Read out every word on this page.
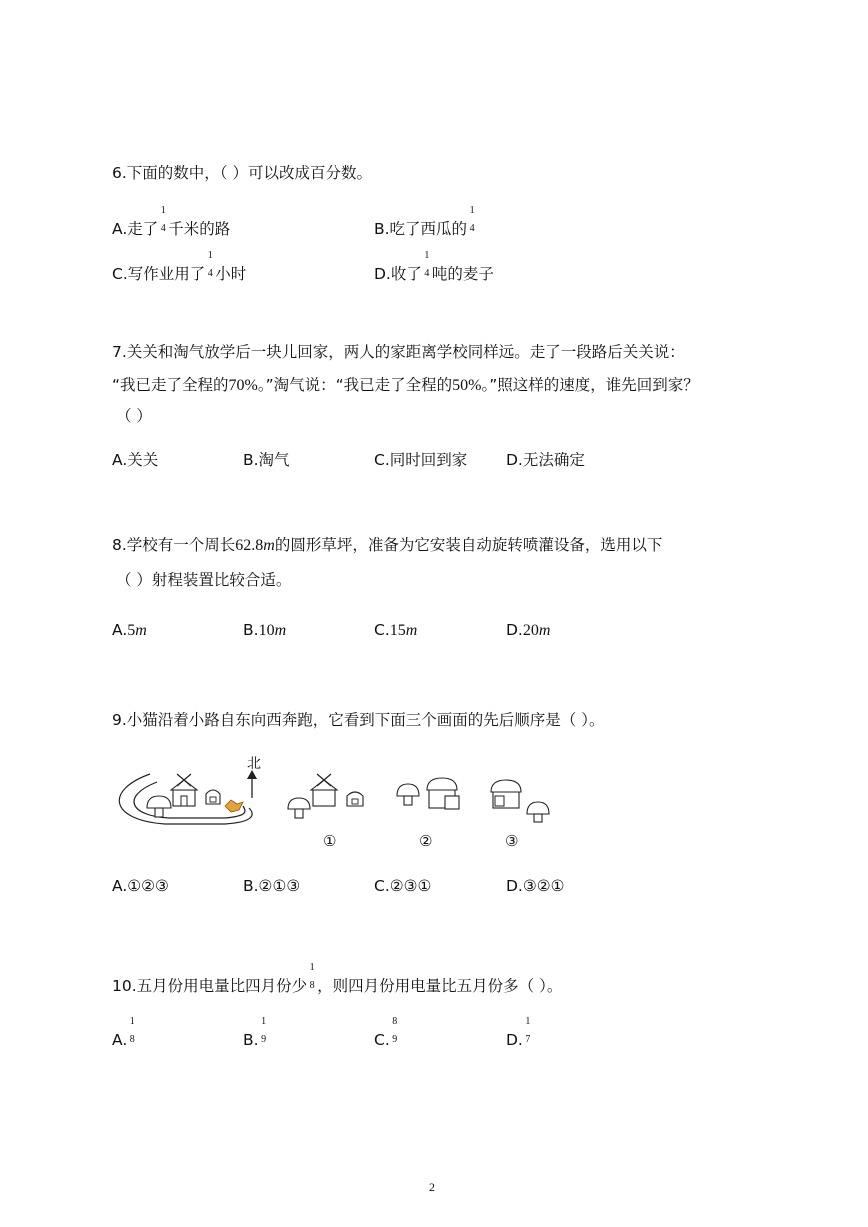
6.下面的数中，（ ）可以改成百分数。
A.走了
1
4 千米的路	B.吃了西瓜的
1
4
C.写作业用了
1
4 小时	D.收了
1
4 吨的麦子
7.关关和淘气放学后一块儿回家，两人的家距离学校同样远。走了一段路后关关说：
“我已走了全程的70%。”淘气说：“我已走了全程的50%。”照这样的速度，谁先回到家？
（ ）
A.关关	B.淘气	C.同时回到家 D.无法确定
8.学校有一个周长62.8m的圆形草坪，准备为它安装自动旋转喷灌设备，选用以下
（ ）射程装置比较合适。
A.5m	B.10m	C.15m	D.20m
9.小猫沿着小路自东向西奔跑，它看到下面三个画面的先后顺序是（ ）。
北
①	②	③
A.①②③	B.②①③	C.②③①	D.③②①
10.五月份用电量比四月份少
1
8 ，则四月份用电量比五月份多（ ）。
A.
1
8	B.
1
9	C.
8
9	D.
1
7
2
